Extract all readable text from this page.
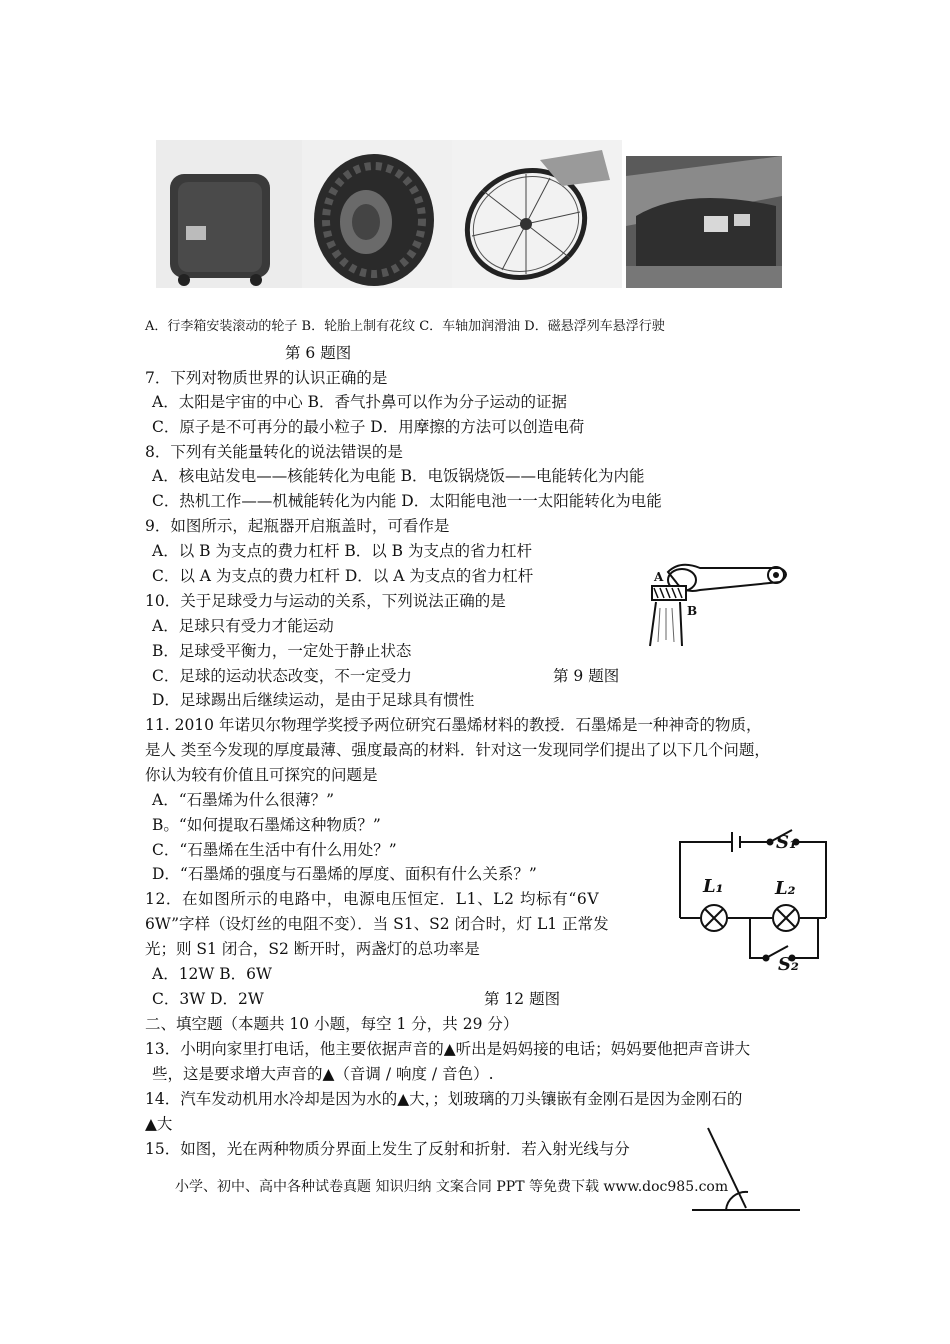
A．行李箱安装滚动的轮子 B．轮胎上制有花纹 C．车轴加润滑油 D．磁悬浮列车悬浮行驶
第 6 题图
7．下列对物质世界的认识正确的是
A．太阳是宇宙的中心 B．香气扑鼻可以作为分子运动的证据
C．原子是不可再分的最小粒子 D．用摩擦的方法可以创造电荷
8．下列有关能量转化的说法错误的是
A．核电站发电——核能转化为电能 B．电饭锅烧饭——电能转化为内能
C．热机工作——机械能转化为内能 D．太阳能电池一一太阳能转化为电能
9．如图所示，起瓶器开启瓶盖时，可看作是
A．以 B 为支点的费力杠杆 B．以 B 为支点的省力杠杆
C．以 A 为支点的费力杠杆 D．以 A 为支点的省力杠杆	A
B
10．关于足球受力与运动的关系，下列说法正确的是
A．足球只有受力才能运动
B．足球受平衡力，一定处于静止状态
C．足球的运动状态改变，不一定受力	第 9 题图
D．足球踢出后继续运动，是由于足球具有惯性
11. 2010 年诺贝尔物理学奖授予两位研究石墨烯材料的教授．石墨烯是一种神奇的物质，
是人 类至今发现的厚度最薄、强度最高的材料．针对这一发现同学们提出了以下几个问题，
你认为较有价值且可探究的问题是
A．“石墨烯为什么很薄？”
B。“如何提取石墨烯这种物质？”
C．“石墨烯在生活中有什么用处？”
D．“石墨烯的强度与石墨烯的厚度、面积有什么关系？”
S₁
L₁	L₂
S₂
12．在如图所示的电路中，电源电压恒定．L1、L2 均标有“6V
6W”字样（设灯丝的电阻不变）．当 S1、S2 闭合时，灯 L1 正常发
光；则 S1 闭合，S2 断开时，两盏灯的总功率是
A．12W B．6W
C．3W D．2W	第 12 题图
二、填空题（本题共 10 小题，每空 1 分，共 29 分）
13．小明向家里打电话，他主要依据声音的▲听出是妈妈接的电话；妈妈要他把声音讲大
些，这是要求增大声音的▲（音调 / 响度 / 音色）.
14．汽车发动机用水冷却是因为水的▲大，；划玻璃的刀头镶嵌有金刚石是因为金刚石的
▲大
15．如图，光在两种物质分界面上发生了反射和折射．若入射光线与分
小学、初中、高中各种试卷真题 知识归纳 文案合同 PPT 等免费下载 www.doc985.com
